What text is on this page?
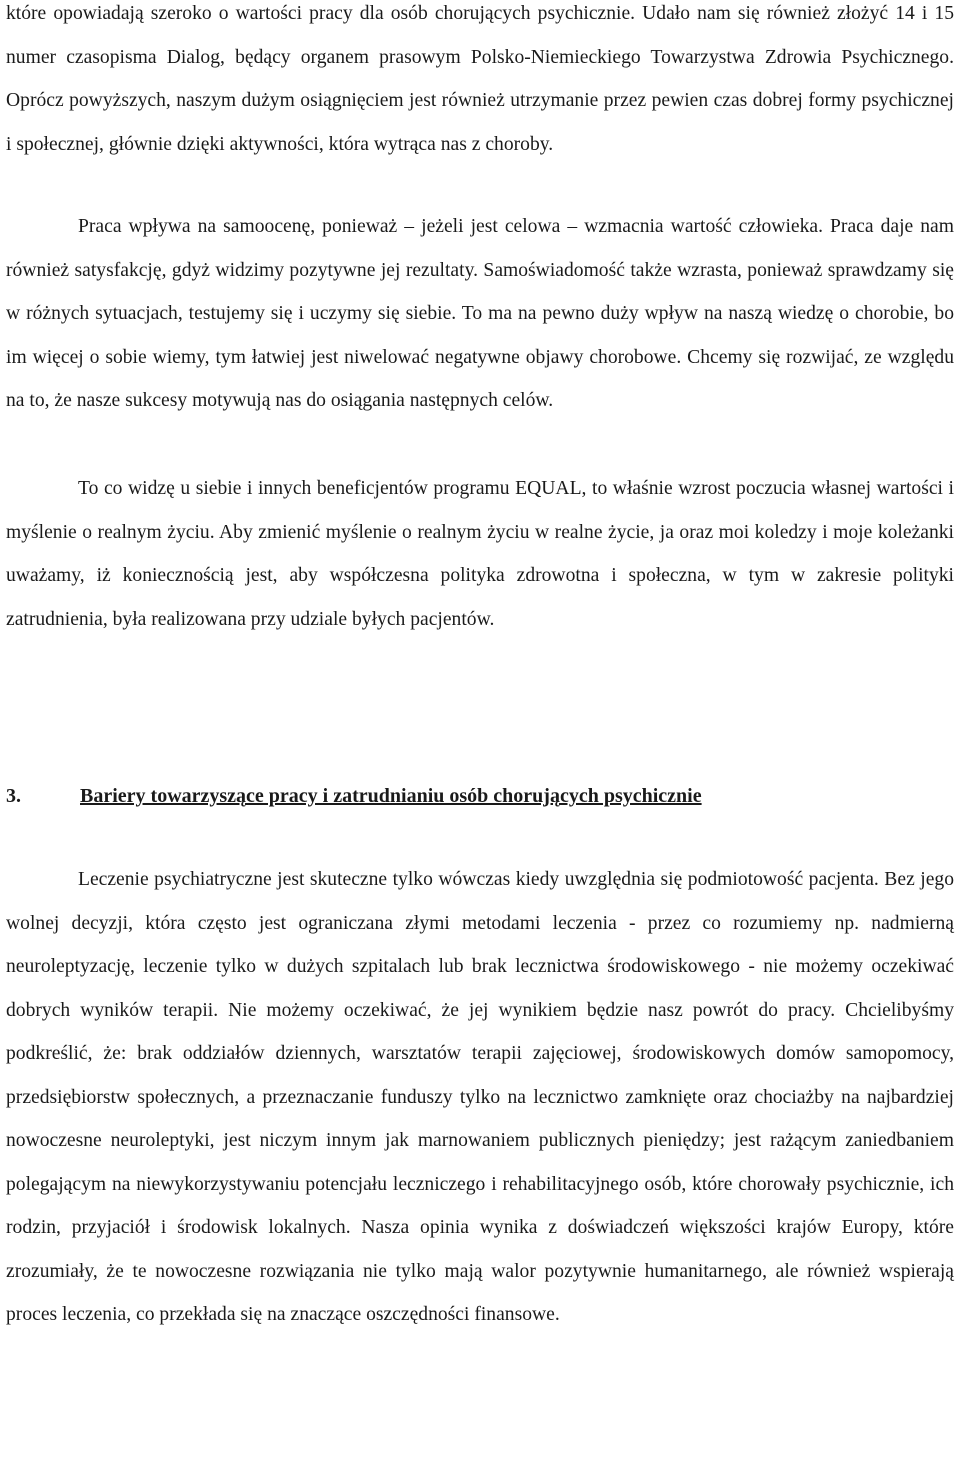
które opowiadają szeroko o wartości pracy dla osób chorujących psychicznie. Udało nam się również złożyć 14 i 15 numer czasopisma Dialog, będący organem prasowym Polsko-Niemieckiego Towarzystwa Zdrowia Psychicznego. Oprócz powyższych, naszym dużym osiągnięciem jest również utrzymanie przez pewien czas dobrej formy psychicznej i społecznej, głównie dzięki aktywności, która wytrąca nas z choroby.

Praca wpływa na samoocenę, ponieważ – jeżeli jest celowa – wzmacnia wartość człowieka. Praca daje nam również satysfakcję, gdyż widzimy pozytywne jej rezultaty. Samoświadomość także wzrasta, ponieważ sprawdzamy się w różnych sytuacjach, testujemy się i uczymy się siebie. To ma na pewno duży wpływ na naszą wiedzę o chorobie, bo im więcej o sobie wiemy, tym łatwiej jest niwelować negatywne objawy chorobowe. Chcemy się rozwijać, ze względu na to, że nasze sukcesy motywują nas do osiągania następnych celów.

To co widzę u siebie i innych beneficjentów programu EQUAL, to właśnie wzrost poczucia własnej wartości i myślenie o realnym życiu. Aby zmienić myślenie o realnym życiu w realne życie, ja oraz moi koledzy i moje koleżanki uważamy, iż koniecznością jest, aby współczesna polityka zdrowotna i społeczna, w tym w zakresie polityki zatrudnienia, była realizowana przy udziale byłych pacjentów.

3.	Bariery towarzyszące pracy i zatrudnianiu osób chorujących psychicznie

Leczenie psychiatryczne jest skuteczne tylko wówczas kiedy uwzględnia się podmiotowość pacjenta. Bez jego wolnej decyzji, która często jest ograniczana złymi metodami leczenia - przez co rozumiemy np. nadmierną neuroleptyzację, leczenie tylko w dużych szpitalach lub brak lecznictwa środowiskowego - nie możemy oczekiwać dobrych wyników terapii. Nie możemy oczekiwać, że jej wynikiem będzie nasz powrót do pracy. Chcielibyśmy podkreślić, że: brak oddziałów dziennych, warsztatów terapii zajęciowej, środowiskowych domów samopomocy, przedsiębiorstw społecznych, a przeznaczanie funduszy tylko na lecznictwo zamknięte oraz chociażby na najbardziej nowoczesne neuroleptyki, jest niczym innym jak marnowaniem publicznych pieniędzy; jest rażącym zaniedbaniem polegającym na niewykorzystywaniu potencjału leczniczego i rehabilitacyjnego osób, które chorowały psychicznie, ich rodzin, przyjaciół i środowisk lokalnych. Nasza opinia wynika z doświadczeń większości krajów Europy, które zrozumiały, że te nowoczesne rozwiązania nie tylko mają walor pozytywnie humanitarnego, ale również wspierają proces leczenia, co przekłada się na znaczące oszczędności finansowe.
